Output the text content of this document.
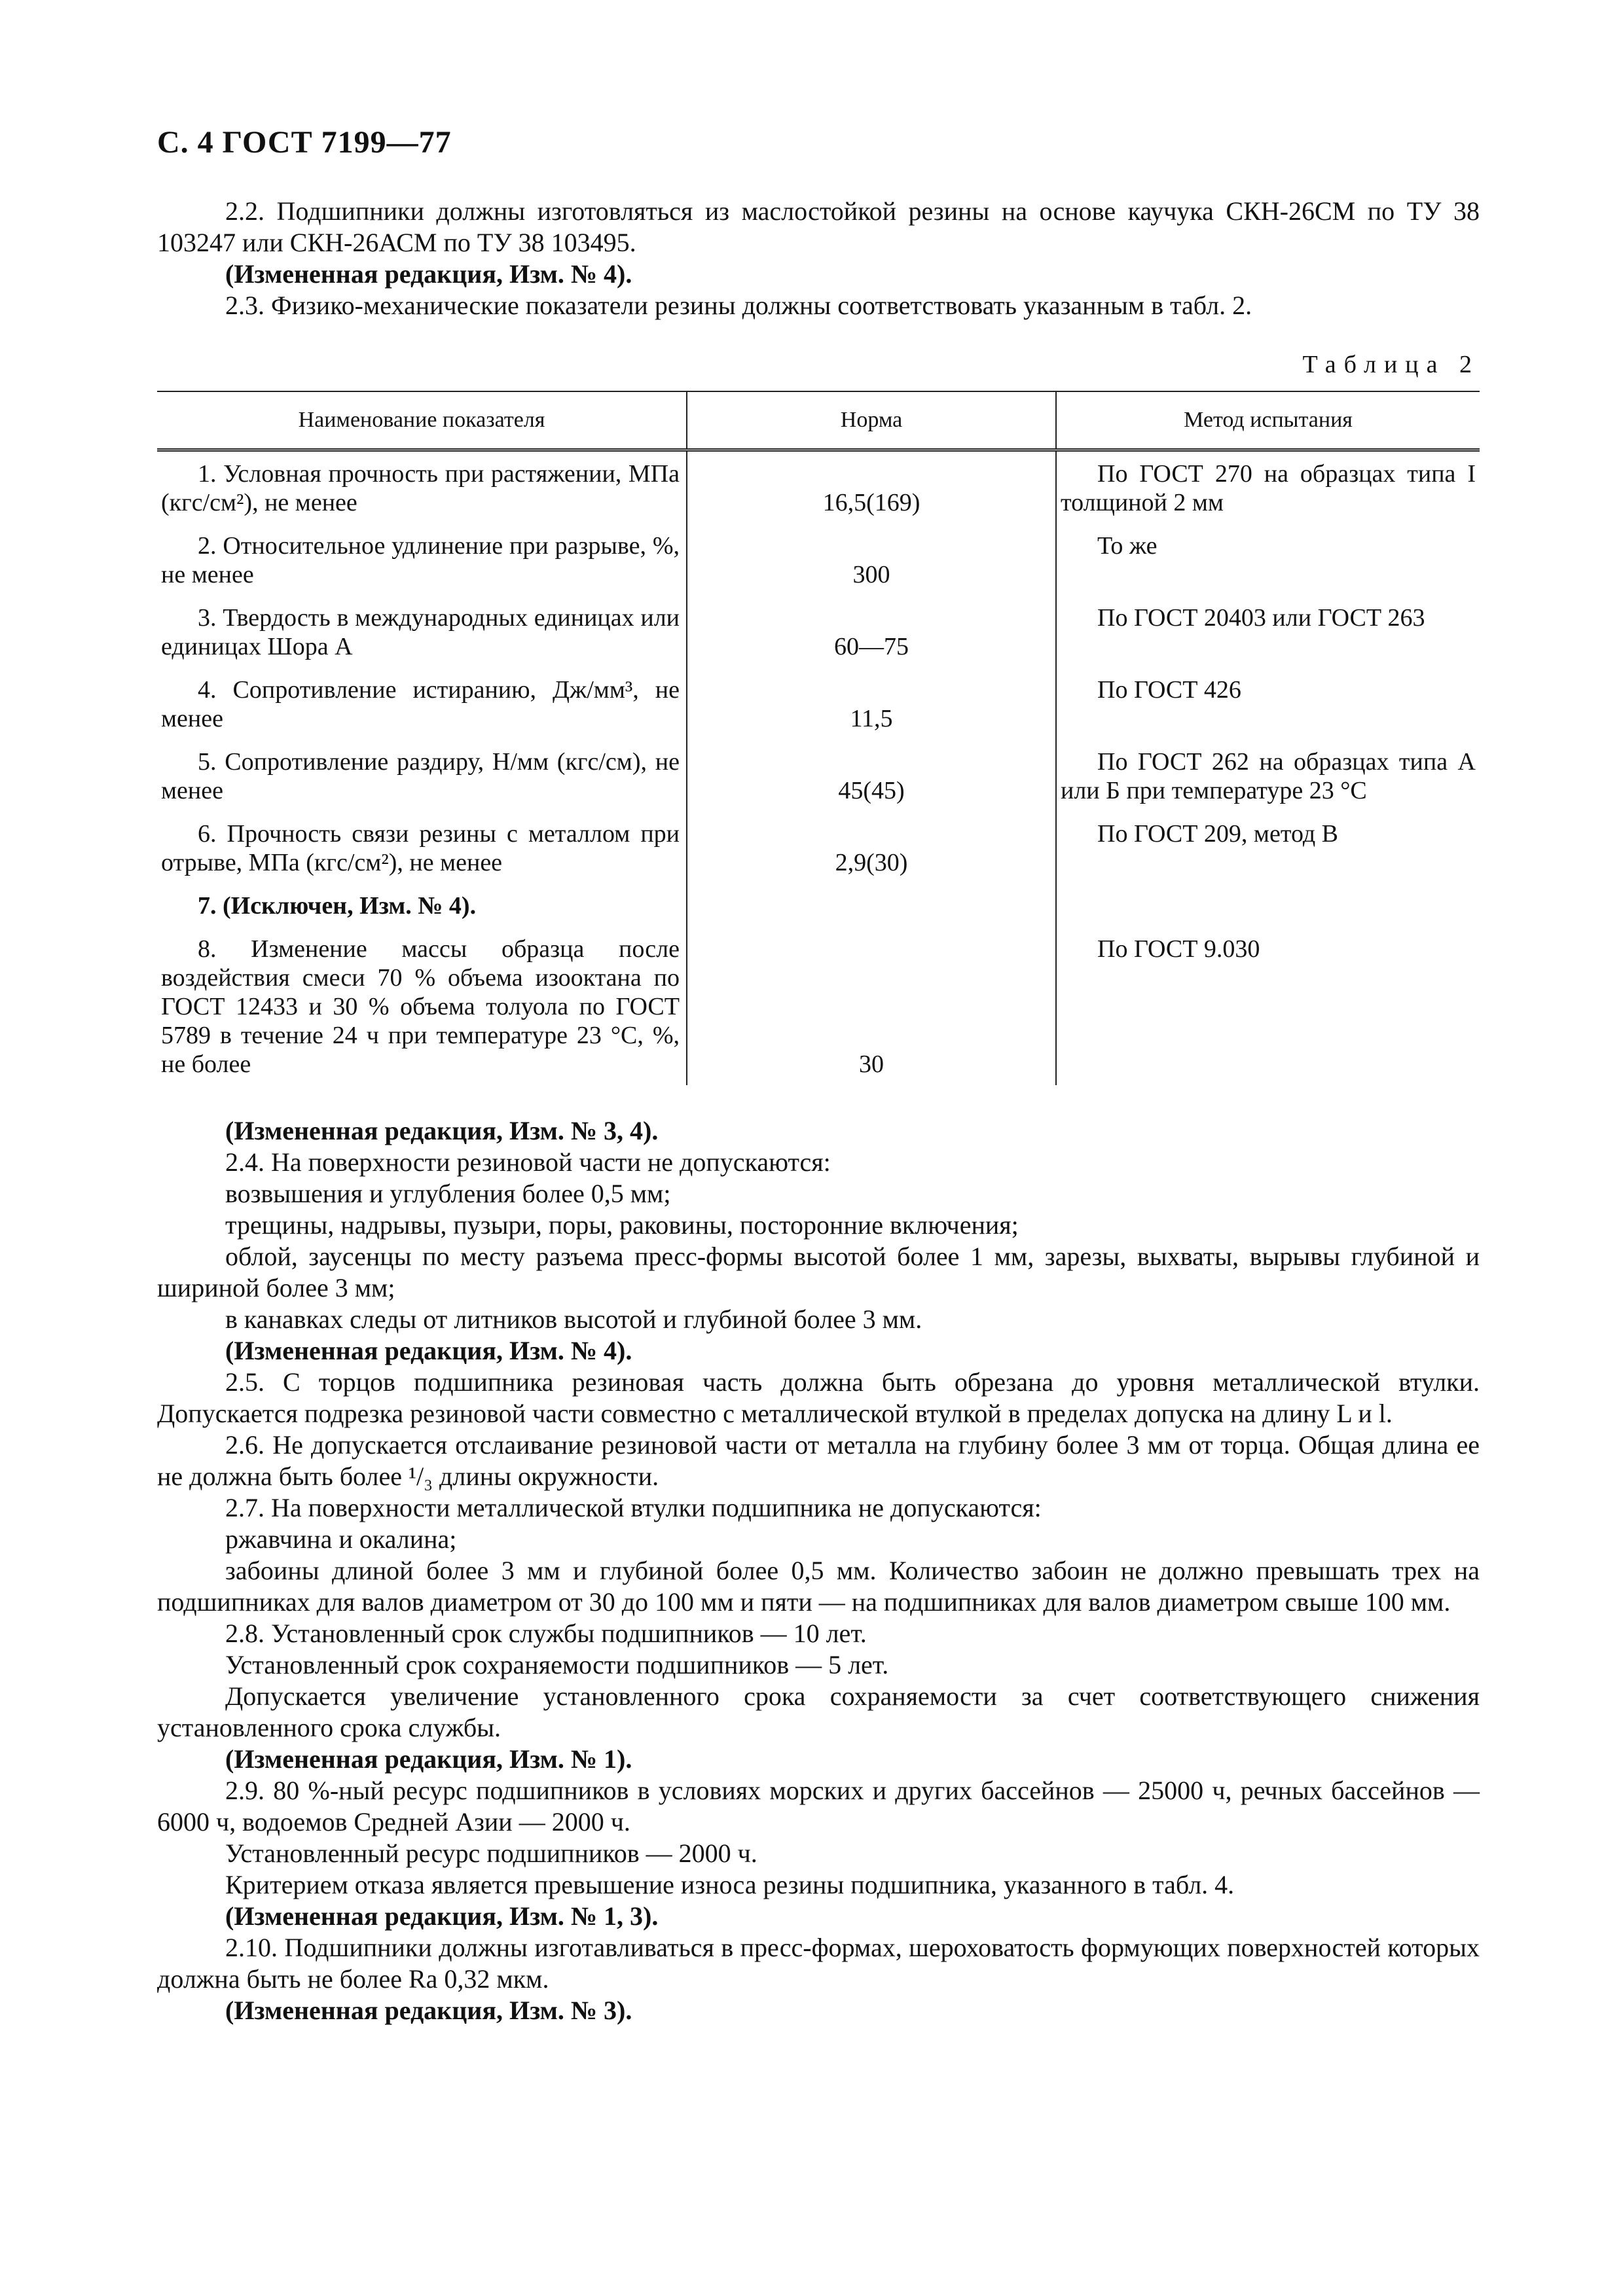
С. 4 ГОСТ 7199—77
2.2. Подшипники должны изготовляться из маслостойкой резины на основе каучука СКН-26СМ по ТУ 38 103247 или СКН-26АСМ по ТУ 38 103495.
(Измененная редакция, Изм. № 4).
2.3. Физико-механические показатели резины должны соответствовать указанным в табл. 2.
Таблица 2
Наименование показателя	Норма	Метод испытания
1. Условная прочность при растяжении, МПа (кгс/см²), не менее	16,5(169)	По ГОСТ 270 на образцах типа I толщиной 2 мм
2. Относительное удлинение при разрыве, %, не менее	300	То же
3. Твердость в международных единицах или единицах Шора А	60—75	По ГОСТ 20403 или ГОСТ 263
4. Сопротивление истиранию, Дж/мм³, не менее	11,5	По ГОСТ 426
5. Сопротивление раздиру, Н/мм (кгс/см), не менее	45(45)	По ГОСТ 262 на образцах типа А или Б при температуре 23 °С
6. Прочность связи резины с металлом при отрыве, МПа (кгс/см²), не менее	2,9(30)	По ГОСТ 209, метод В
7. (Исключен, Изм. № 4).		
8. Изменение массы образца после воздействия смеси 70 % объема изооктана по ГОСТ 12433 и 30 % объема толуола по ГОСТ 5789 в течение 24 ч при температуре 23 °С, %, не более	30	По ГОСТ 9.030
(Измененная редакция, Изм. № 3, 4).
2.4. На поверхности резиновой части не допускаются:
возвышения и углубления более 0,5 мм;
трещины, надрывы, пузыри, поры, раковины, посторонние включения;
облой, заусенцы по месту разъема пресс-формы высотой более 1 мм, зарезы, выхваты, вырывы глубиной и шириной более 3 мм;
в канавках следы от литников высотой и глубиной более 3 мм.
(Измененная редакция, Изм. № 4).
2.5. С торцов подшипника резиновая часть должна быть обрезана до уровня металлической втулки. Допускается подрезка резиновой части совместно с металлической втулкой в пределах допуска на длину L и l.
2.6. Не допускается отслаивание резиновой части от металла на глубину более 3 мм от торца. Общая длина ее не должна быть более ¹/₃ длины окружности.
2.7. На поверхности металлической втулки подшипника не допускаются:
ржавчина и окалина;
забоины длиной более 3 мм и глубиной более 0,5 мм. Количество забоин не должно превышать трех на подшипниках для валов диаметром от 30 до 100 мм и пяти — на подшипниках для валов диаметром свыше 100 мм.
2.8. Установленный срок службы подшипников — 10 лет.
Установленный срок сохраняемости подшипников — 5 лет.
Допускается увеличение установленного срока сохраняемости за счет соответствующего снижения установленного срока службы.
(Измененная редакция, Изм. № 1).
2.9. 80 %-ный ресурс подшипников в условиях морских и других бассейнов — 25000 ч, речных бассейнов — 6000 ч, водоемов Средней Азии — 2000 ч.
Установленный ресурс подшипников — 2000 ч.
Критерием отказа является превышение износа резины подшипника, указанного в табл. 4.
(Измененная редакция, Изм. № 1, 3).
2.10. Подшипники должны изготавливаться в пресс-формах, шероховатость формующих поверхностей которых должна быть не более Ra 0,32 мкм.
(Измененная редакция, Изм. № 3).
